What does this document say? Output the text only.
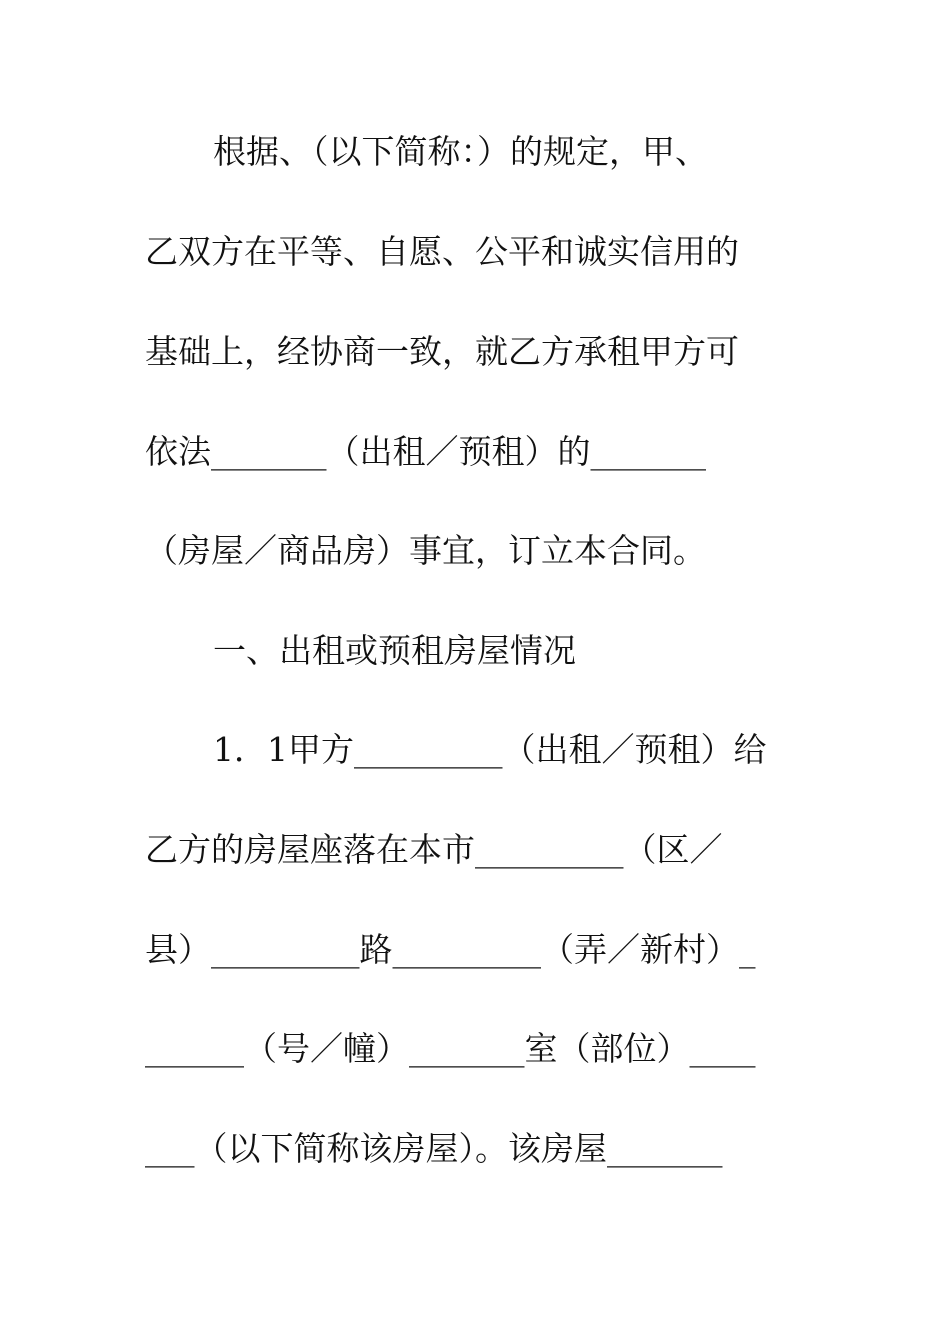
根据、（以下简称：）的规定，甲、

乙双方在平等、自愿、公平和诚实信用的

基础上，经协商一致，就乙方承租甲方可

依法_______（出租／预租）的_______

（房屋／商品房）事宜，订立本合同。

一、出租或预租房屋情况

1．1甲方_________（出租／预租）给

乙方的房屋座落在本市_________（区／

县）_________路_________（弄／新村）_

______（号／幢）_______室（部位）____

___（以下简称该房屋）。该房屋_______
